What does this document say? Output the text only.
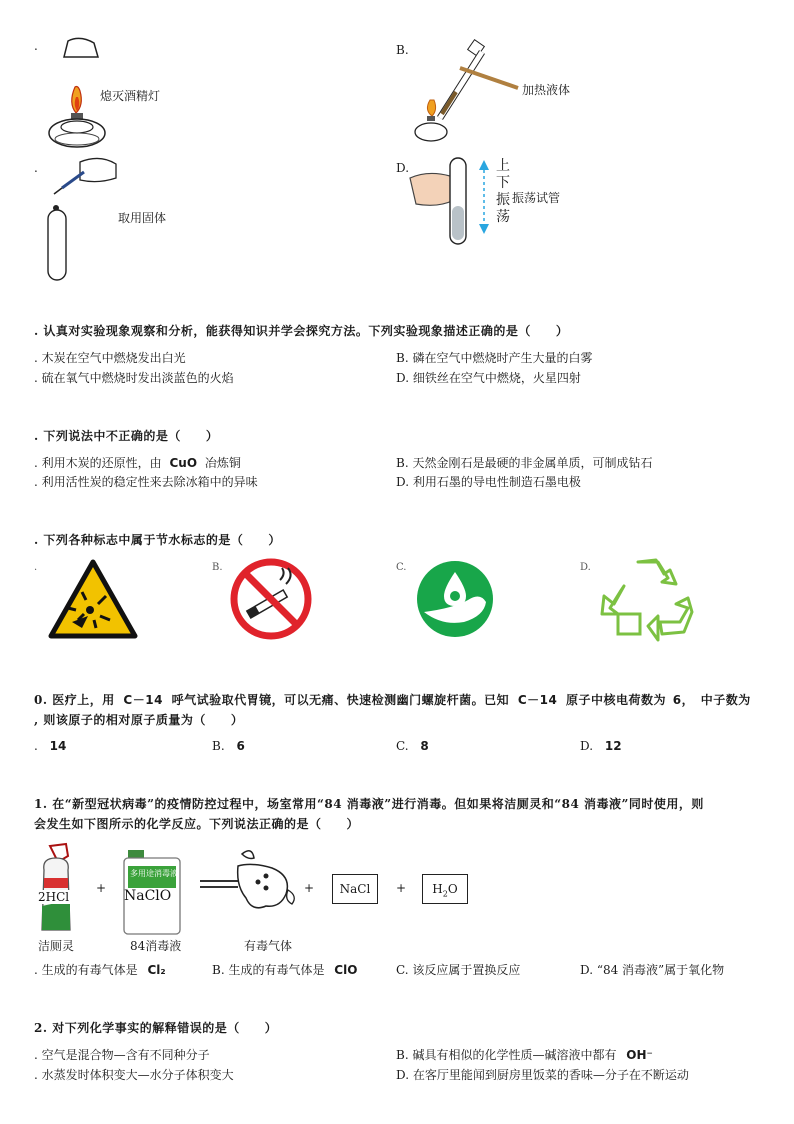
.
熄灭酒精灯
B.
加热液体
.
取用固体
D.	上
下
振
荡
振荡试管
. 认真对实验现象观察和分析，能获得知识并学会探究方法。下列实验现象描述正确的是（　　）
. 木炭在空气中燃烧发出白光	B. 磷在空气中燃烧时产生大量的白雾
. 硫在氧气中燃烧时发出淡蓝色的火焰	D. 细铁丝在空气中燃烧，火星四射
. 下列说法中不正确的是（　　）
. 利用木炭的还原性，由 CuO 冶炼铜	B. 天然金刚石是最硬的非金属单质，可制成钻石
. 利用活性炭的稳定性来去除冰箱中的异味	D. 利用石墨的导电性制造石墨电极
. 下列各种标志中属于节水标志的是（　　）
.	B.	C.	D.
0. 医疗上，用 C－14 呼气试验取代胃镜，可以无痛、快速检测幽门螺旋杆菌。已知 C－14 原子中核电荷数为 6， 中子数为
, 则该原子的相对原子质量为（　　）
. 14	B. 6	C. 8	D. 12
1. 在“新型冠状病毒”的疫情防控过程中，场室常用“84 消毒液”进行消毒。但如果将洁厕灵和“84 消毒液”同时使用，则
会发生如下图所示的化学反应。下列说法正确的是（　　）
2HCl
洁厕灵
+
多用途消毒液
NaClO
84消毒液	有毒气体
+	NaCl	+	$H_2O$
. 生成的有毒气体是 Cl₂	B. 生成的有毒气体是 ClO	C. 该反应属于置换反应	D. “84 消毒液”属于氧化物
2. 对下列化学事实的解释错误的是（　　）
. 空气是混合物—含有不同种分子	B. 碱具有相似的化学性质—碱溶液中都有 OH⁻
. 水蒸发时体积变大—水分子体积变大	D. 在客厅里能闻到厨房里饭菜的香味—分子在不断运动
